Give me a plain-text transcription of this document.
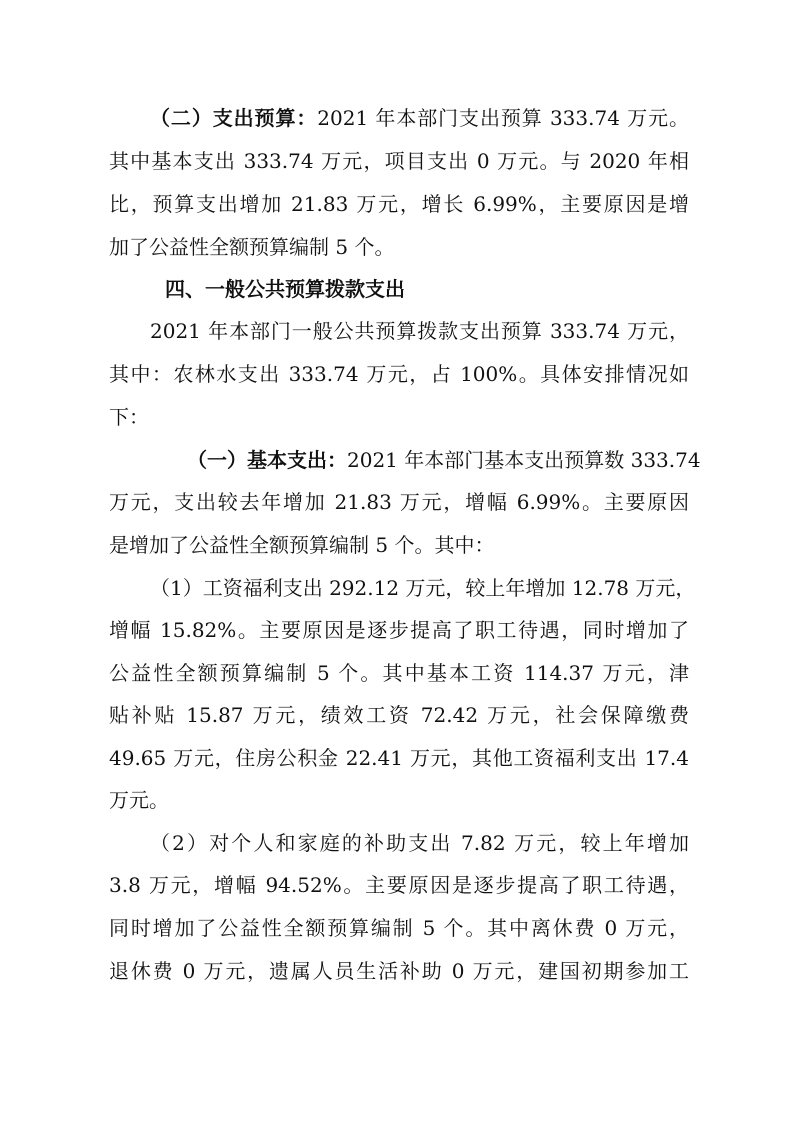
（二）支出预算：2021 年本部门支出预算 333.74 万元。
其中基本支出 333.74 万元，项目支出 0 万元。与 2020 年相
比，预算支出增加 21.83 万元，增长 6.99%，主要原因是增
加了公益性全额预算编制 5 个。
四、一般公共预算拨款支出
2021 年本部门一般公共预算拨款支出预算 333.74 万元，
其中：农林水支出 333.74 万元，占 100%。具体安排情况如
下：
（一）基本支出：2021 年本部门基本支出预算数 333.74
万元，支出较去年增加 21.83 万元，增幅 6.99%。主要原因
是增加了公益性全额预算编制 5 个。其中：
（1）工资福利支出 292.12 万元，较上年增加 12.78 万元，
增幅 15.82%。主要原因是逐步提高了职工待遇，同时增加了
公益性全额预算编制 5 个。其中基本工资 114.37 万元，津
贴补贴 15.87 万元，绩效工资 72.42 万元，社会保障缴费
49.65 万元，住房公积金 22.41 万元，其他工资福利支出 17.4
万元。
（2）对个人和家庭的补助支出 7.82 万元，较上年增加
3.8 万元，增幅 94.52%。主要原因是逐步提高了职工待遇，
同时增加了公益性全额预算编制 5 个。其中离休费 0 万元，
退休费 0 万元，遗属人员生活补助 0 万元，建国初期参加工
